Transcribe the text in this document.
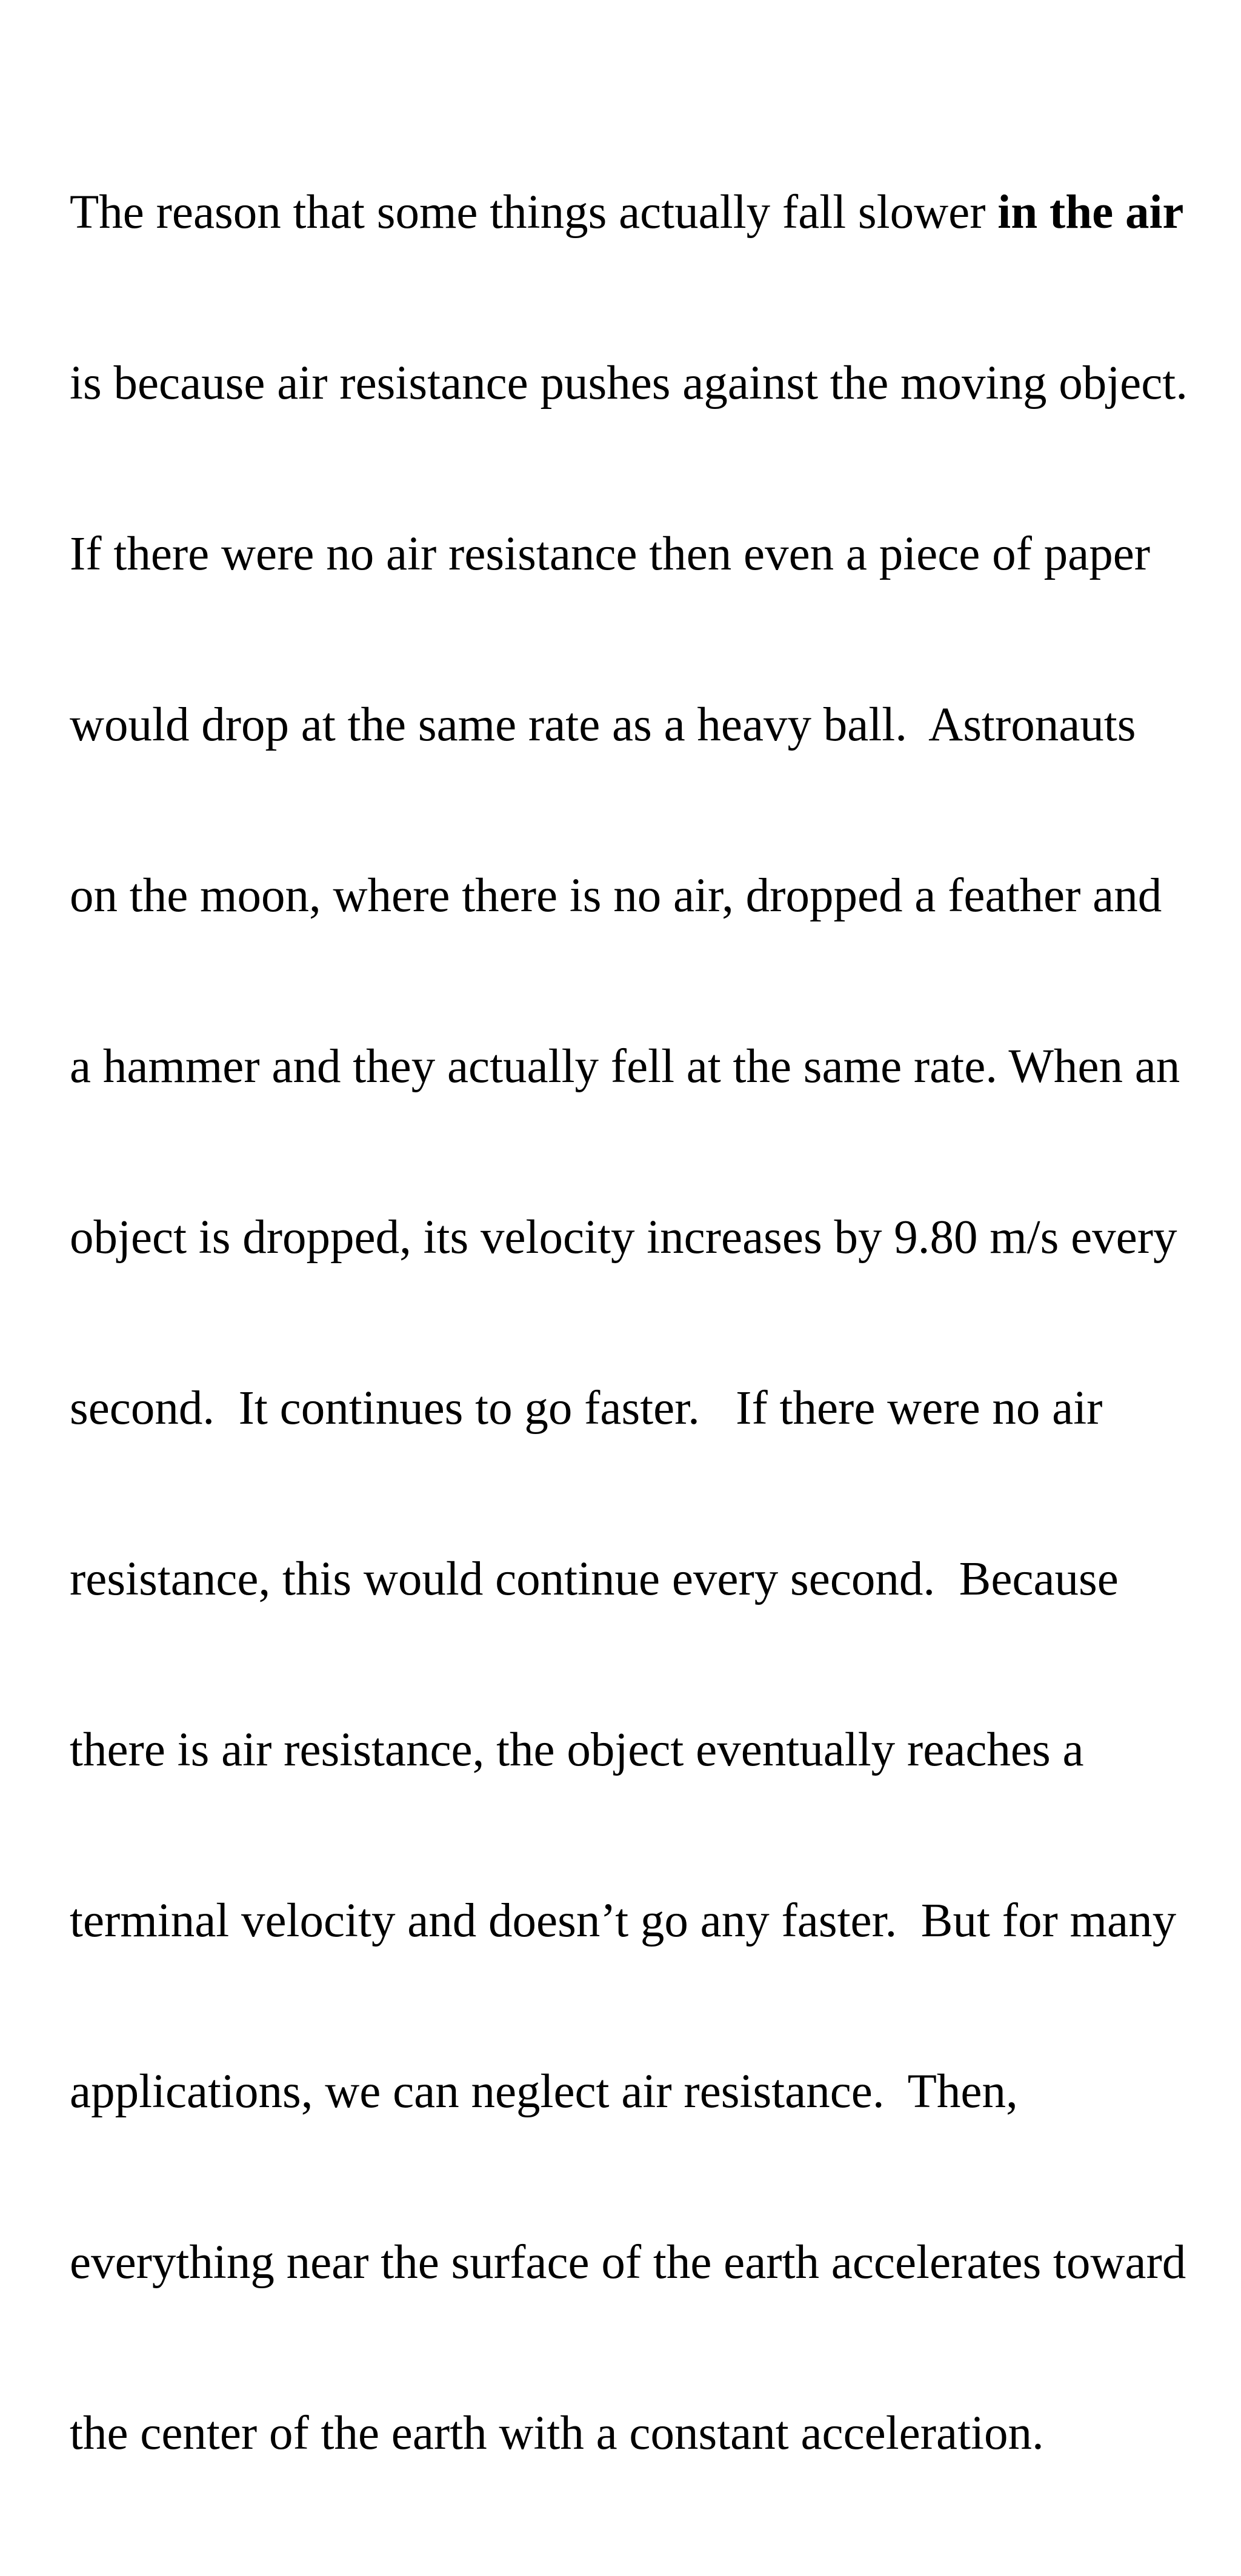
The reason that some things actually fall slower in the air

is because air resistance pushes against the moving object.

If there were no air resistance then even a piece of paper

would drop at the same rate as a heavy ball.  Astronauts

on the moon, where there is no air, dropped a feather and

a hammer and they actually fell at the same rate. When an

object is dropped, its velocity increases by 9.80 m/s every

second.  It continues to go faster.   If there were no air

resistance, this would continue every second.  Because

there is air resistance, the object eventually reaches a

terminal velocity and doesn’t go any faster.  But for many

applications, we can neglect air resistance.  Then,

everything near the surface of the earth accelerates toward

the center of the earth with a constant acceleration.
